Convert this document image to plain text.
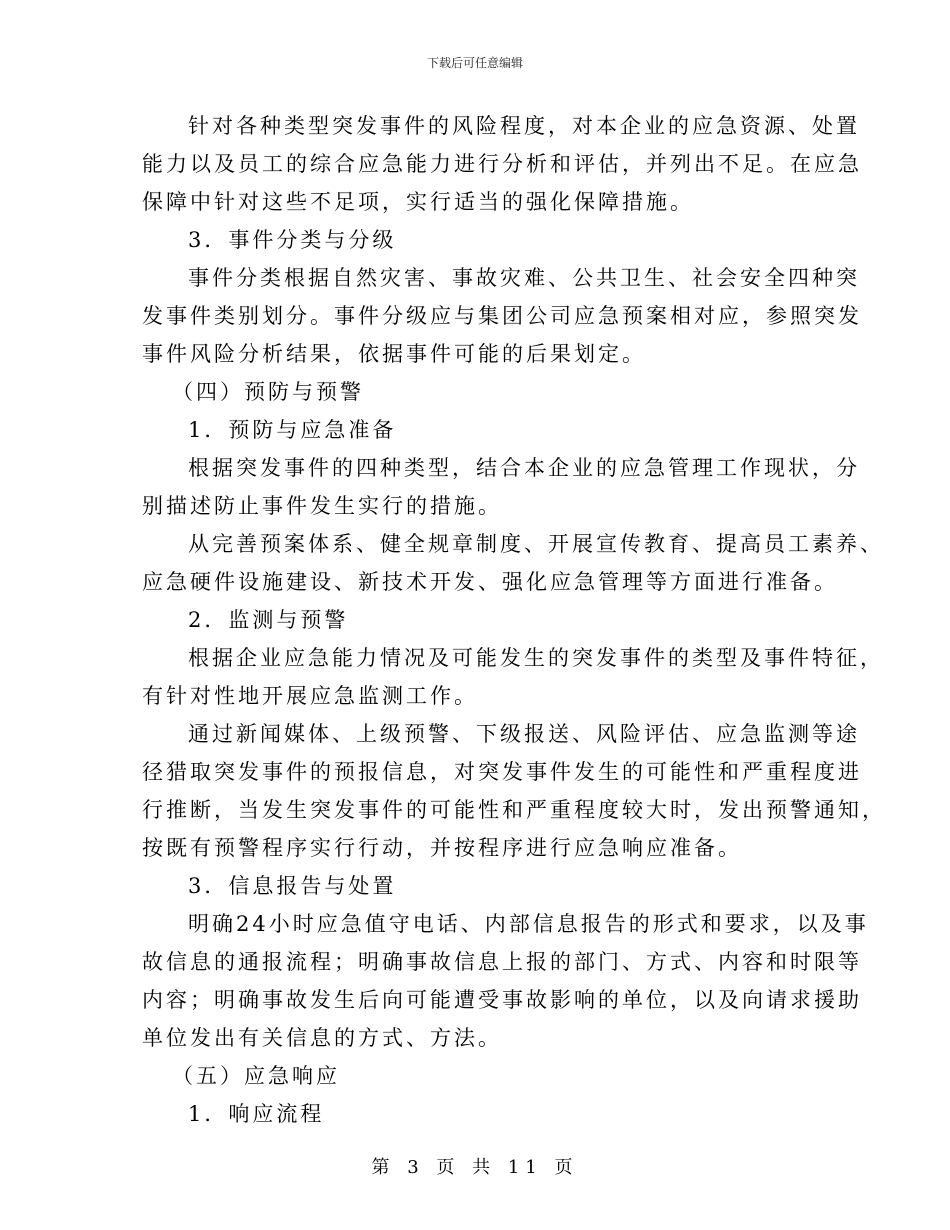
下载后可任意编辑
针对各种类型突发事件的风险程度，对本企业的应急资源、处置
能力以及员工的综合应急能力进行分析和评估，并列出不足。在应急
保障中针对这些不足项，实行适当的强化保障措施。
3．事件分类与分级
事件分类根据自然灾害、事故灾难、公共卫生、社会安全四种突
发事件类别划分。事件分级应与集团公司应急预案相对应，参照突发
事件风险分析结果，依据事件可能的后果划定。
（四）预防与预警
1．预防与应急准备
根据突发事件的四种类型，结合本企业的应急管理工作现状，分
别描述防止事件发生实行的措施。
从完善预案体系、健全规章制度、开展宣传教育、提高员工素养、
应急硬件设施建设、新技术开发、强化应急管理等方面进行准备。
2．监测与预警
根据企业应急能力情况及可能发生的突发事件的类型及事件特征，
有针对性地开展应急监测工作。
通过新闻媒体、上级预警、下级报送、风险评估、应急监测等途
径猎取突发事件的预报信息，对突发事件发生的可能性和严重程度进
行推断，当发生突发事件的可能性和严重程度较大时，发出预警通知，
按既有预警程序实行行动，并按程序进行应急响应准备。
3．信息报告与处置
明确24小时应急值守电话、内部信息报告的形式和要求，以及事
故信息的通报流程；明确事故信息上报的部门、方式、内容和时限等
内容；明确事故发生后向可能遭受事故影响的单位，以及向请求援助
单位发出有关信息的方式、方法。
（五）应急响应
1．响应流程
第 3 页 共 11 页
